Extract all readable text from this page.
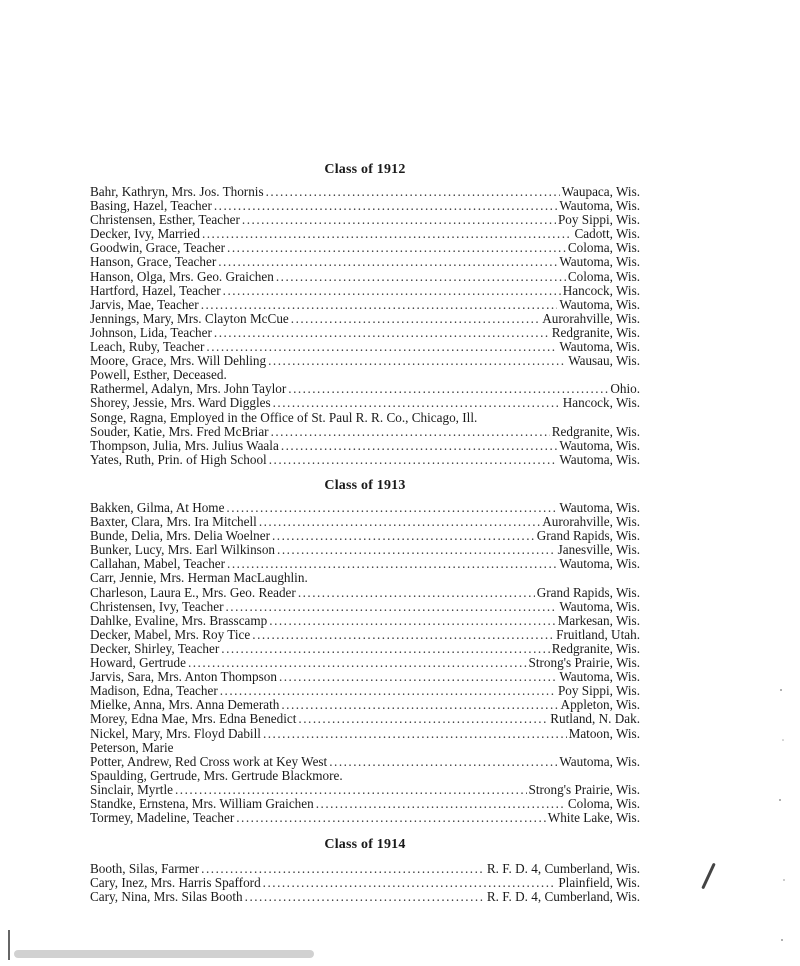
Class of 1912
Bahr, Kathryn, Mrs. Jos. Thornis .....	Waupaca, Wis.
Basing, Hazel, Teacher .....	Wautoma, Wis.
Christensen, Esther, Teacher .....	Poy Sippi, Wis.
Decker, Ivy, Married .....	Cadott, Wis.
Goodwin, Grace, Teacher .....	Coloma, Wis.
Hanson, Grace, Teacher .....	Wautoma, Wis.
Hanson, Olga, Mrs. Geo. Graichen .....	Coloma, Wis.
Hartford, Hazel, Teacher .....	Hancock, Wis.
Jarvis, Mae, Teacher .....	Wautoma, Wis.
Jennings, Mary, Mrs. Clayton McCue .....	Aurorahville, Wis.
Johnson, Lida, Teacher .....	Redgranite, Wis.
Leach, Ruby, Teacher .....	Wautoma, Wis.
Moore, Grace, Mrs. Will Dehling .....	Wausau, Wis.
Powell, Esther, Deceased.
Rathermel, Adalyn, Mrs. John Taylor .....	Ohio.
Shorey, Jessie, Mrs. Ward Diggles .....	Hancock, Wis.
Songe, Ragna, Employed in the Office of St. Paul R. R. Co., Chicago, Ill.
Souder, Katie, Mrs. Fred McBriar .....	Redgranite, Wis.
Thompson, Julia, Mrs. Julius Waala .....	Wautoma, Wis.
Yates, Ruth, Prin. of High School .....	Wautoma, Wis.
Class of 1913
Bakken, Gilma, At Home .....	Wautoma, Wis.
Baxter, Clara, Mrs. Ira Mitchell .....	Aurorahville, Wis.
Bunde, Delia, Mrs. Delia Woelner .....	Grand Rapids, Wis.
Bunker, Lucy, Mrs. Earl Wilkinson .....	Janesville, Wis.
Callahan, Mabel, Teacher .....	Wautoma, Wis.
Carr, Jennie, Mrs. Herman MacLaughlin.
Charleson, Laura E., Mrs. Geo. Reader .....	Grand Rapids, Wis.
Christensen, Ivy, Teacher .....	Wautoma, Wis.
Dahlke, Evaline, Mrs. Brasscamp .....	Markesan, Wis.
Decker, Mabel, Mrs. Roy Tice .....	Fruitland, Utah.
Decker, Shirley, Teacher .....	Redgranite, Wis.
Howard, Gertrude .....	Strong's Prairie, Wis.
Jarvis, Sara, Mrs. Anton Thompson .....	Wautoma, Wis.
Madison, Edna, Teacher .....	Poy Sippi, Wis.
Mielke, Anna, Mrs. Anna Demerath .....	Appleton, Wis.
Morey, Edna Mae, Mrs. Edna Benedict .....	Rutland, N. Dak.
Nickel, Mary, Mrs. Floyd Dabill .....	Matoon, Wis.
Peterson, Marie
Potter, Andrew, Red Cross work at Key West .....	Wautoma, Wis.
Spaulding, Gertrude, Mrs. Gertrude Blackmore.
Sinclair, Myrtle .....	Strong's Prairie, Wis.
Standke, Ernstena, Mrs. William Graichen .....	Coloma, Wis.
Tormey, Madeline, Teacher .....	White Lake, Wis.
Class of 1914
Booth, Silas, Farmer .....	R. F. D. 4, Cumberland, Wis.
Cary, Inez, Mrs. Harris Spafford .....	Plainfield, Wis.
Cary, Nina, Mrs. Silas Booth .....	R. F. D. 4, Cumberland, Wis.
